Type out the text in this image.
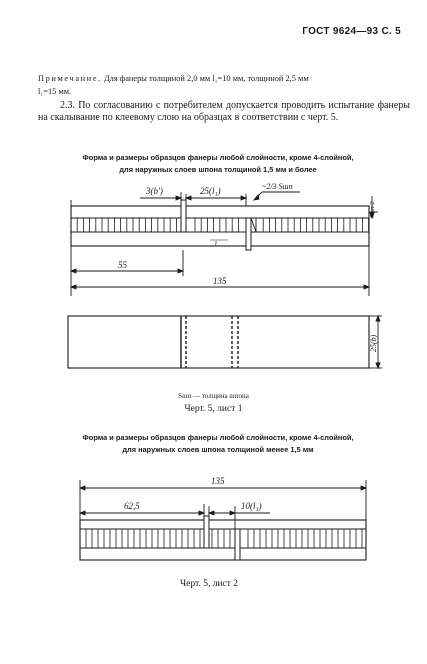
ГОСТ 9624—93 С. 5
Примечание. Для фанеры толщиной 2,0 мм l₁=10 мм, толщиной 2,5 мм
l₁=15 мм.
2.3. По согласованию с потребителем допускается проводить испытание фанеры на скалывание по клеевому слою на образцах в соответствии с черт. 5.
Форма и размеры образцов фанеры любой слойности, кроме 4-слойной,
для наружных слоев шпона толщиной 1,5 мм и более
Форма и размеры образцов фанеры любой слойности, кроме 4-слойной,
для наружных слоев шпона толщиной менее 1,5 мм
3(b')	25(l₁)	~2/3 Sшп
Sшп/2
55
135
1
25(b)
Sшп — толщина шпона
Черт. 5, лист 1
135
62,5	10(l₁)
Черт. 5, лист 2
